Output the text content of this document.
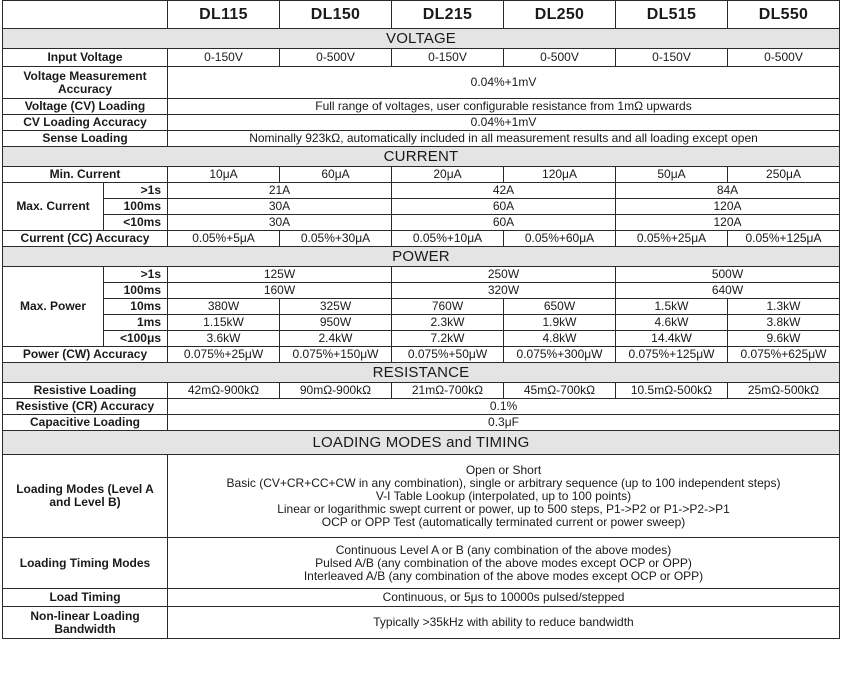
		DL115	DL150	DL215	DL250	DL515	DL550
VOLTAGE							
Input Voltage		0-150V	0-500V	0-150V	0-500V	0-150V	0-500V
Voltage Measurement Accuracy		0.04%+1mV					
Voltage (CV) Loading		Full range of voltages, user configurable resistance from 1mΩ upwards					
CV Loading Accuracy		0.04%+1mV					
Sense Loading		Nominally 923kΩ, automatically included in all measurement results and all loading except open					
CURRENT							
Min. Current		10μA	60μA	20μA	120μA	50μA	250μA
Max. Current	>1s	21A		42A		84A	
	100ms	30A		60A		120A	
	<10ms	30A		60A		120A	
Current (CC) Accuracy		0.05%+5μA	0.05%+30μA	0.05%+10μA	0.05%+60μA	0.05%+25μA	0.05%+125μA
POWER							
Max. Power	>1s	125W		250W		500W	
	100ms	160W		320W		640W	
	10ms	380W	325W	760W	650W	1.5kW	1.3kW
	1ms	1.15kW	950W	2.3kW	1.9kW	4.6kW	3.8kW
	<100μs	3.6kW	2.4kW	7.2kW	4.8kW	14.4kW	9.6kW
Power (CW) Accuracy		0.075%+25μW	0.075%+150μW	0.075%+50μW	0.075%+300μW	0.075%+125μW	0.075%+625μW
RESISTANCE							
Resistive Loading		42mΩ-900kΩ	90mΩ-900kΩ	21mΩ-700kΩ	45mΩ-700kΩ	10.5mΩ-500kΩ	25mΩ-500kΩ
Resistive (CR) Accuracy		0.1%					
Capacitive Loading		0.3μF					
LOADING MODES and TIMING							
Loading Modes (Level A and Level B)		Open or Short
Basic (CV+CR+CC+CW in any combination), single or arbitrary sequence (up to 100 independent steps)
V-I Table Lookup (interpolated, up to 100 points)
Linear or logarithmic swept current or power, up to 500 steps, P1->P2 or P1->P2->P1
OCP or OPP Test (automatically terminated current or power sweep)					

Loading Timing Modes		Continuous Level A or B (any combination of the above modes)
Pulsed A/B (any combination of the above modes except OCP or OPP)
Interleaved A/B (any combination of the above modes except OCP or OPP)					

Load Timing		Continuous, or 5μs to 10000s pulsed/stepped					
Non-linear Loading Bandwidth		Typically >35kHz with ability to reduce bandwidth					
